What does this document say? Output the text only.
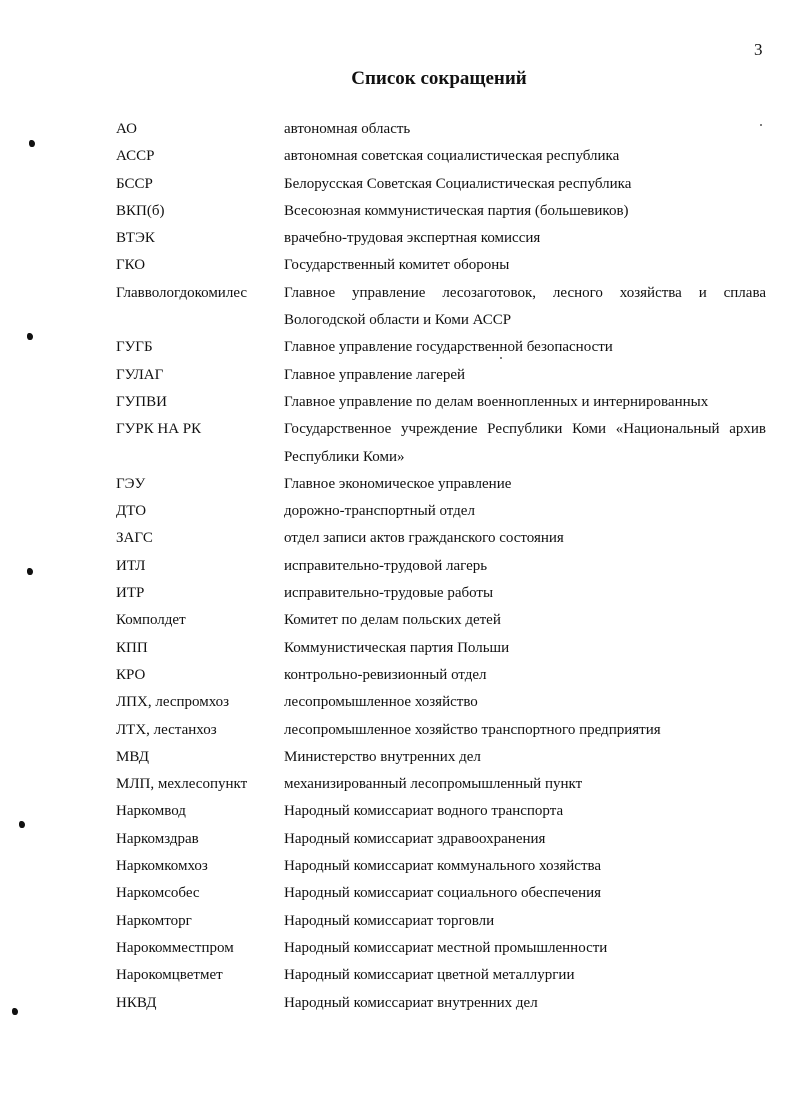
3
Список сокращений
АО	автономная область
АССР	автономная советская социалистическая республика
БССР	Белорусская Советская Социалистическая республика
ВКП(б)	Всесоюзная коммунистическая партия (большевиков)
ВТЭК	врачебно-трудовая экспертная комиссия
ГКО	Государственный комитет обороны
Главвологдокомилес	Главное управление лесозаготовок, лесного хозяйства и сплава Вологодской области и Коми АССР
ГУГБ	Главное управление государственной безопасности
ГУЛАГ	Главное управление лагерей
ГУПВИ	Главное управление по делам военнопленных и интернированных
ГУРК НА РК	Государственное учреждение Республики Коми «Национальный архив Республики Коми»
ГЭУ	Главное экономическое управление
ДТО	дорожно-транспортный отдел
ЗАГС	отдел записи актов гражданского состояния
ИТЛ	исправительно-трудовой лагерь
ИТР	исправительно-трудовые работы
Комполдет	Комитет по делам польских детей
КПП	Коммунистическая партия Польши
КРО	контрольно-ревизионный отдел
ЛПХ, леспромхоз	лесопромышленное хозяйство
ЛТХ, лестанхоз	лесопромышленное хозяйство транспортного предприятия
МВД	Министерство внутренних дел
МЛП, мехлесопункт	механизированный лесопромышленный пункт
Наркомвод	Народный комиссариат водного транспорта
Наркомздрав	Народный комиссариат здравоохранения
Наркомкомхоз	Народный комиссариат коммунального хозяйства
Наркомсобес	Народный комиссариат социального обеспечения
Наркомторг	Народный комиссариат торговли
Нарокомместпром	Народный комиссариат местной промышленности
Нарокомцветмет	Народный комиссариат цветной металлургии
НКВД	Народный комиссариат внутренних дел
